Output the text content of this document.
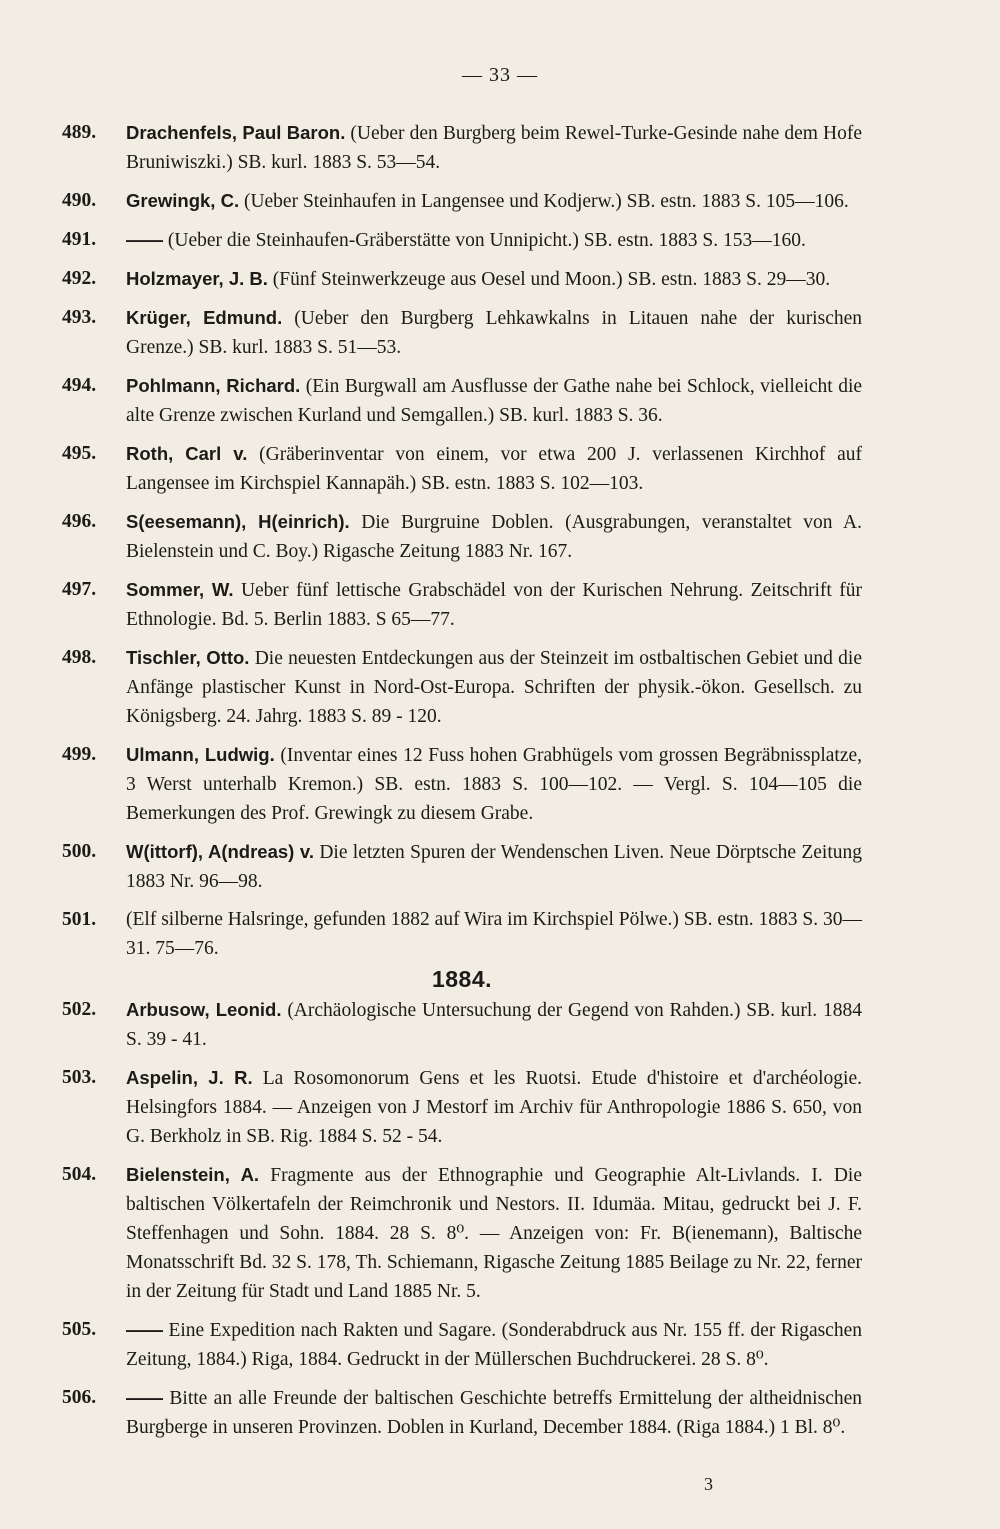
— 33 —
489. Drachenfels, Paul Baron. (Ueber den Burgberg beim Rewel-Turke-Gesinde nahe dem Hofe Bruniwiszki.) SB. kurl. 1883 S. 53—54.
490. Grewingk, C. (Ueber Steinhaufen in Langensee und Kodjerw.) SB. estn. 1883 S. 105—106.
491. —— (Ueber die Steinhaufen-Gräberstätte von Unnipicht.) SB. estn. 1883 S. 153—160.
492. Holzmayer, J. B. (Fünf Steinwerkzeuge aus Oesel und Moon.) SB. estn. 1883 S. 29—30.
493. Krüger, Edmund. (Ueber den Burgberg Lehkawkalns in Litauen nahe der kurischen Grenze.) SB. kurl. 1883 S. 51—53.
494. Pohlmann, Richard. (Ein Burgwall am Ausflusse der Gathe nahe bei Schlock, vielleicht die alte Grenze zwischen Kurland und Semgallen.) SB. kurl. 1883 S. 36.
495. Roth, Carl v. (Gräberinventar von einem, vor etwa 200 J. verlassenen Kirchhof auf Langensee im Kirchspiel Kannapäh.) SB. estn. 1883 S. 102—103.
496. S(eesemann), H(einrich). Die Burgruine Doblen. (Ausgrabungen, veranstaltet von A. Bielenstein und C. Boy.) Rigasche Zeitung 1883 Nr. 167.
497. Sommer, W. Ueber fünf lettische Grabschädel von der Kurischen Nehrung. Zeitschrift für Ethnologie. Bd. 5. Berlin 1883. S 65—77.
498. Tischler, Otto. Die neuesten Entdeckungen aus der Steinzeit im ostbaltischen Gebiet und die Anfänge plastischer Kunst in Nord-Ost-Europa. Schriften der physik.-ökon. Gesellsch. zu Königsberg. 24. Jahrg. 1883 S. 89 - 120.
499. Ulmann, Ludwig. (Inventar eines 12 Fuss hohen Grabhügels vom grossen Begräbnissplatze, 3 Werst unterhalb Kremon.) SB. estn. 1883 S. 100—102. — Vergl. S. 104—105 die Bemerkungen des Prof. Grewingk zu diesem Grabe.
500. W(ittorf), A(ndreas) v. Die letzten Spuren der Wendenschen Liven. Neue Dörptsche Zeitung 1883 Nr. 96—98.
501. (Elf silberne Halsringe, gefunden 1882 auf Wira im Kirchspiel Pölwe.) SB. estn. 1883 S. 30—31. 75—76.
1884.
502. Arbusow, Leonid. (Archäologische Untersuchung der Gegend von Rahden.) SB. kurl. 1884 S. 39 - 41.
503. Aspelin, J. R. La Rosomonorum Gens et les Ruotsi. Etude d'histoire et d'archéologie. Helsingfors 1884. — Anzeigen von J Mestorf im Archiv für Anthropologie 1886 S. 650, von G. Berkholz in SB. Rig. 1884 S. 52 - 54.
504. Bielenstein, A. Fragmente aus der Ethnographie und Geographie Alt-Livlands. I. Die baltischen Völkertafeln der Reimchronik und Nestors. II. Idumäa. Mitau, gedruckt bei J. F. Steffenhagen und Sohn. 1884. 28 S. 8⁰. — Anzeigen von: Fr. B(ienemann), Baltische Monatsschrift Bd. 32 S. 178, Th. Schiemann, Rigasche Zeitung 1885 Beilage zu Nr. 22, ferner in der Zeitung für Stadt und Land 1885 Nr. 5.
505. —— Eine Expedition nach Rakten und Sagare. (Sonderabdruck aus Nr. 155 ff. der Rigaschen Zeitung, 1884.) Riga, 1884. Gedruckt in der Müllerschen Buchdruckerei. 28 S. 8⁰.
506. —— Bitte an alle Freunde der baltischen Geschichte betreffs Ermittelung der altheidnischen Burgberge in unseren Provinzen. Doblen in Kurland, December 1884. (Riga 1884.) 1 Bl. 8⁰.
3
